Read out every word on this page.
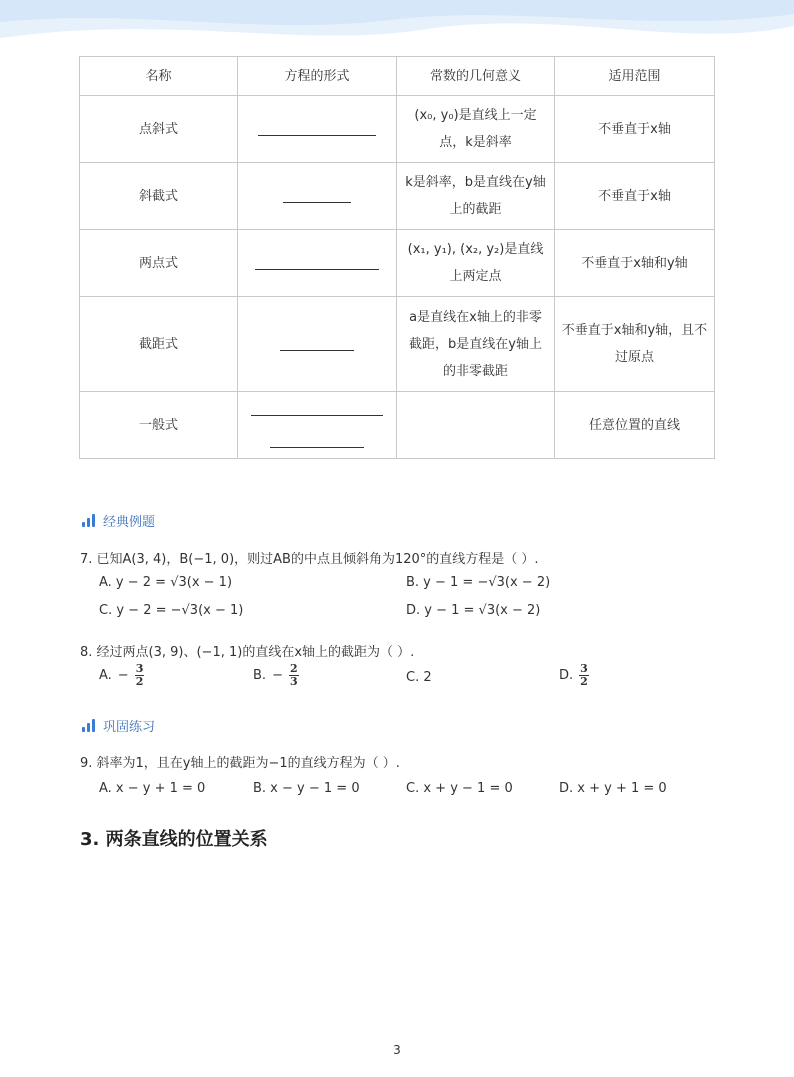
名称	方程的形式	常数的几何意义	适用范围
点斜式		(x₀, y₀)是直线上一定点，k是斜率	不垂直于x轴
斜截式		k是斜率，b是直线在y轴上的截距	不垂直于x轴
两点式		(x₁, y₁), (x₂, y₂)是直线上两定点	不垂直于x轴和y轴
截距式		a是直线在x轴上的非零截距，b是直线在y轴上的非零截距	不垂直于x轴和y轴，且不过原点
一般式			任意位置的直线
经典例题
7. 已知A(3, 4)，B(−1, 0)，则过AB的中点且倾斜角为120°的直线方程是（ ）.
A. y − 2 = √3(x − 1)	B. y − 1 = −√3(x − 2)
C. y − 2 = −√3(x − 1)	D. y − 1 = √3(x − 2)
8. 经过两点(3, 9)、(−1, 1)的直线在x轴上的截距为（ ）.
A. − $\frac{3}{2}$	B. − $\frac{2}{3}$	C. 2	D. $\frac{3}{2}$
巩固练习
9. 斜率为1，且在y轴上的截距为−1的直线方程为（ ）.
A. x − y + 1 = 0	B. x − y − 1 = 0	C. x + y − 1 = 0	D. x + y + 1 = 0
3. 两条直线的位置关系
3
